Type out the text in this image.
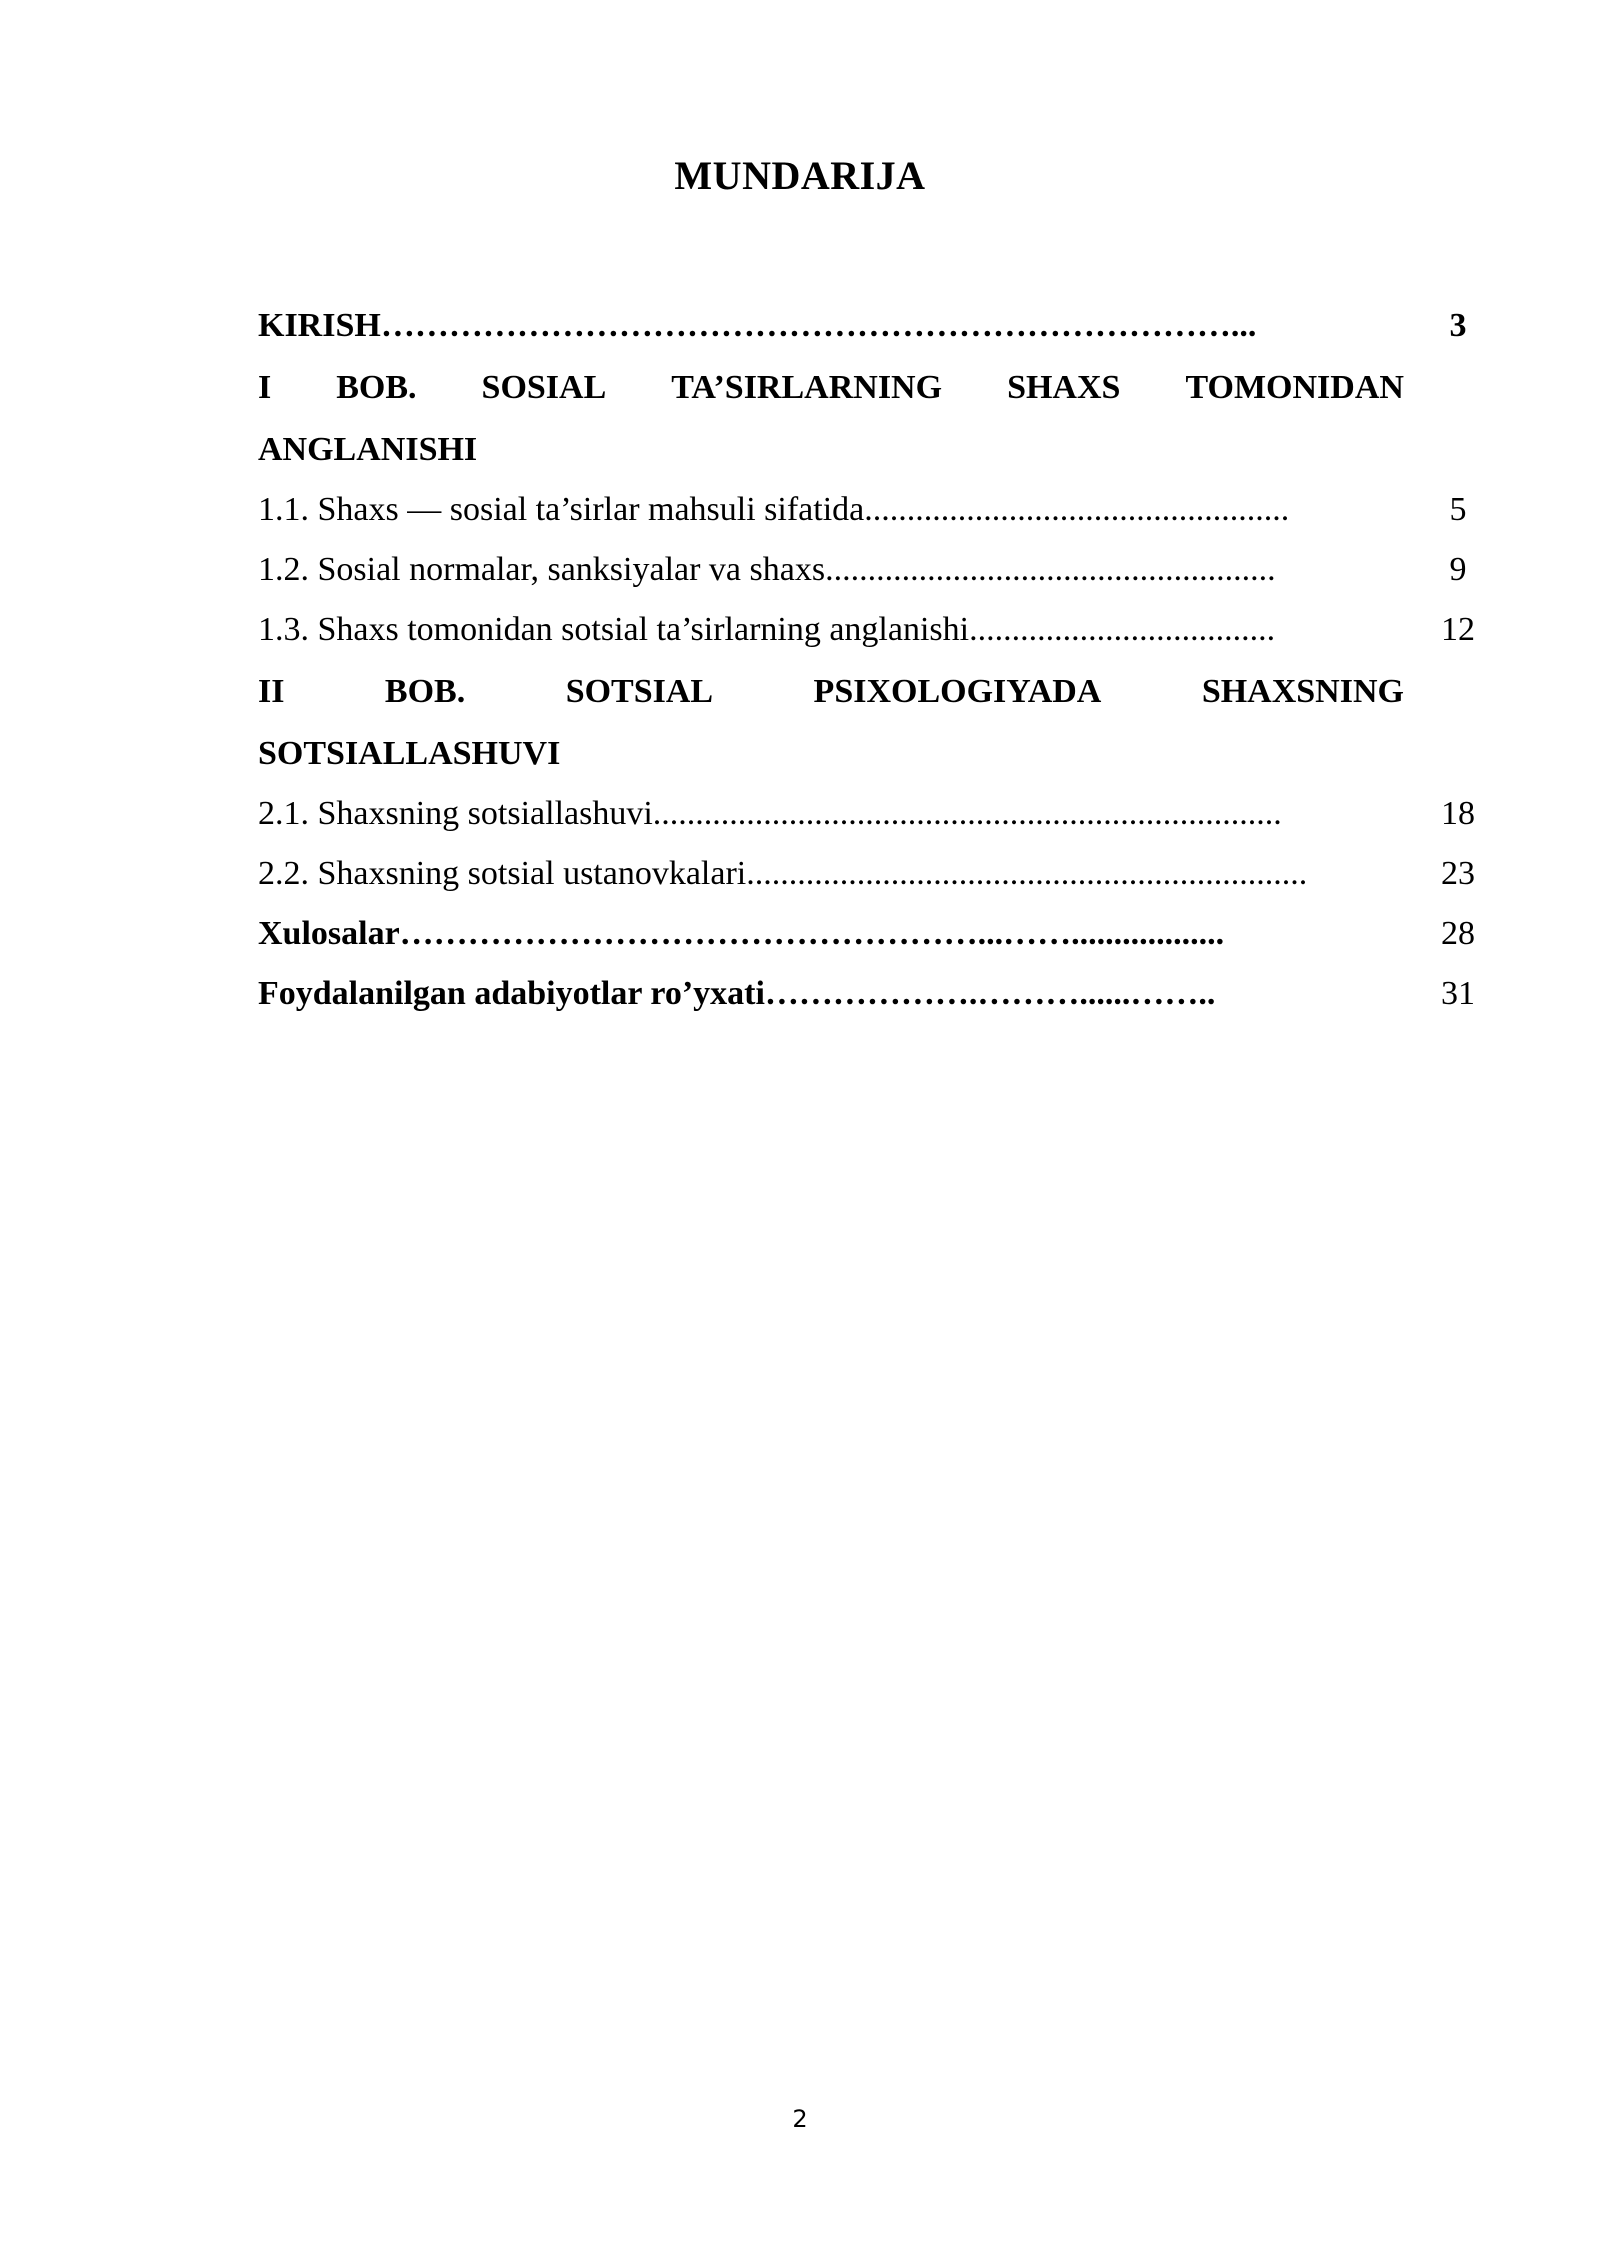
MUNDARIJA
KIRISH…………………………………………………………………...	3
I BOB. SOSIAL TA’SIRLARNING SHAXS TOMONIDAN
ANGLANISHI
1.1. Shaxs — sosial ta’sirlar mahsuli sifatida..................................................	5
1.2. Sosial normalar, sanksiyalar va shaxs.....................................................	9
1.3. Shaxs tomonidan sotsial ta’sirlarning anglanishi....................................	12
II	BOB.	SOTSIAL	PSIXOLOGIYADA	SHAXSNING
SOTSIALLASHUVI
2.1. Shaxsning sotsiallashuvi..........................................................................	18
2.2. Shaxsning sotsial ustanovkalari..................................................................	23
Xulosalar……………………………………………...……..................	28
Foydalanilgan adabiyotlar ro’yxati……………….………......……..	31
2
